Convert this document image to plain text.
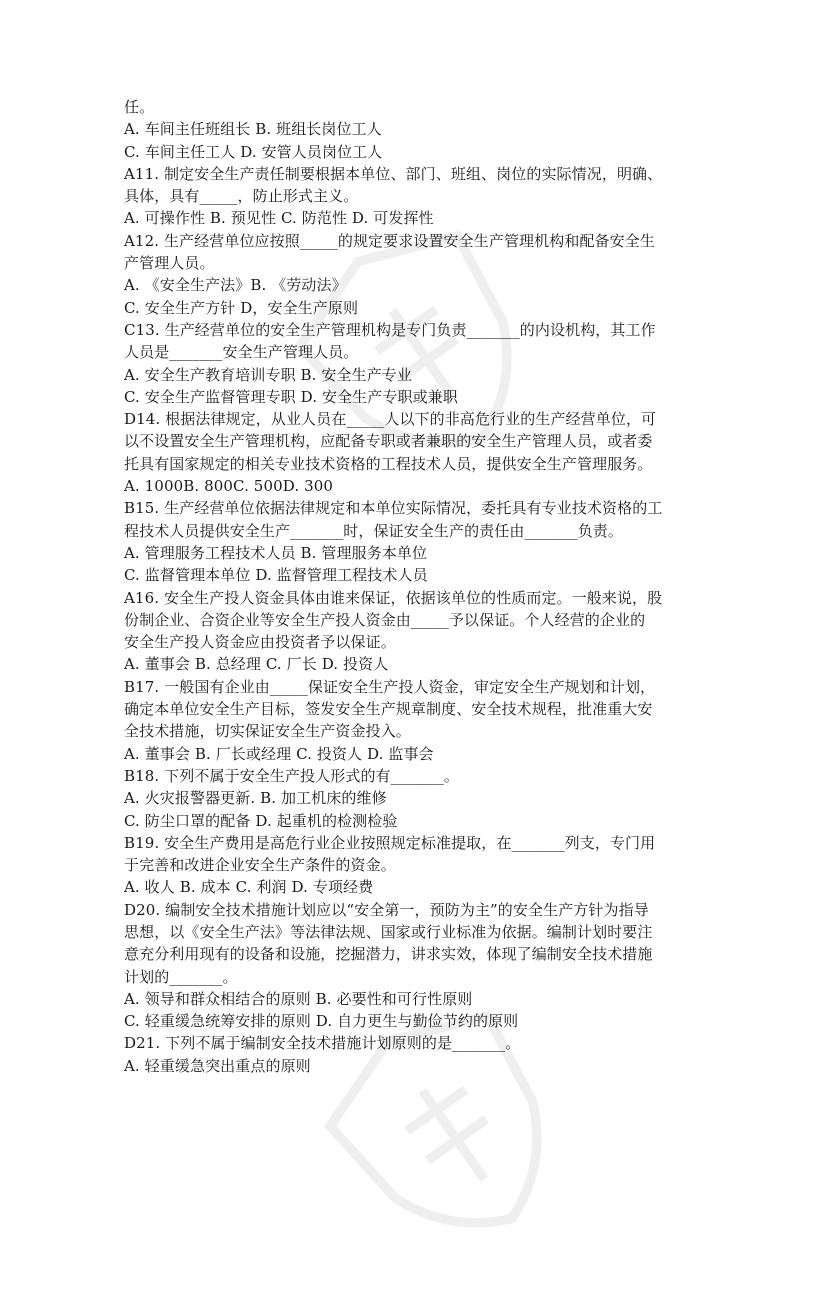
任。
A. 车间主任班组长 B. 班组长岗位工人
C. 车间主任工人 D. 安管人员岗位工人
A11. 制定安全生产责任制要根据本单位、部门、班组、岗位的实际情况，明确、
具体，具有_____，防止形式主义。
A. 可操作性 B. 预见性 C. 防范性 D. 可发挥性
A12. 生产经营单位应按照_____的规定要求设置安全生产管理机构和配备安全生
产管理人员。
A. 《安全生产法》B. 《劳动法》
C. 安全生产方针 D，安全生产原则
C13. 生产经营单位的安全生产管理机构是专门负责_______的内设机构，其工作
人员是_______安全生产管理人员。
A. 安全生产教育培训专职 B. 安全生产专业
C. 安全生产监督管理专职 D. 安全生产专职或兼职
D14. 根据法律规定，从业人员在_____人以下的非高危行业的生产经营单位，可
以不设置安全生产管理机构，应配备专职或者兼职的安全生产管理人员，或者委
托具有国家规定的相关专业技术资格的工程技术人员，提供安全生产管理服务。
A. 1000B. 800C. 500D. 300
B15. 生产经营单位依据法律规定和本单位实际情况，委托具有专业技术资格的工
程技术人员提供安全生产_______时，保证安全生产的责任由_______负责。
A. 管理服务工程技术人员 B. 管理服务本单位
C. 监督管理本单位 D. 监督管理工程技术人员
A16. 安全生产投人资金具体由谁来保证，依据该单位的性质而定。一般来说，股
份制企业、合资企业等安全生产投人资金由_____予以保证。个人经营的企业的
安全生产投人资金应由投资者予以保证。
A. 董事会 B. 总经理 C. 厂长 D. 投资人
B17. 一般国有企业由_____保证安全生产投人资金，审定安全生产规划和计划，
确定本单位安全生产目标，签发安全生产规章制度、安全技术规程，批准重大安
全技术措施，切实保证安全生产资金投入。
A. 董事会 B. 厂长或经理 C. 投资人 D. 监事会
B18. 下列不属于安全生产投人形式的有_______。
A. 火灾报警器更新. B. 加工机床的维修
C. 防尘口罩的配备 D. 起重机的检测检验
B19. 安全生产费用是高危行业企业按照规定标准提取，在_______列支，专门用
于完善和改进企业安全生产条件的资金。
A. 收人 B. 成本 C. 利润 D. 专项经费
D20. 编制安全技术措施计划应以“安全第一，预防为主”的安全生产方针为指导
思想，以《安全生产法》等法律法规、国家或行业标准为依据。编制计划时要注
意充分利用现有的设备和设施，挖掘潜力，讲求实效，体现了编制安全技术措施
计划的_______。
A. 领导和群众相结合的原则 B. 必要性和可行性原则
C. 轻重缓急统筹安排的原则 D. 自力更生与勤俭节约的原则
D21. 下列不属于编制安全技术措施计划原则的是_______。
A. 轻重缓急突出重点的原则
